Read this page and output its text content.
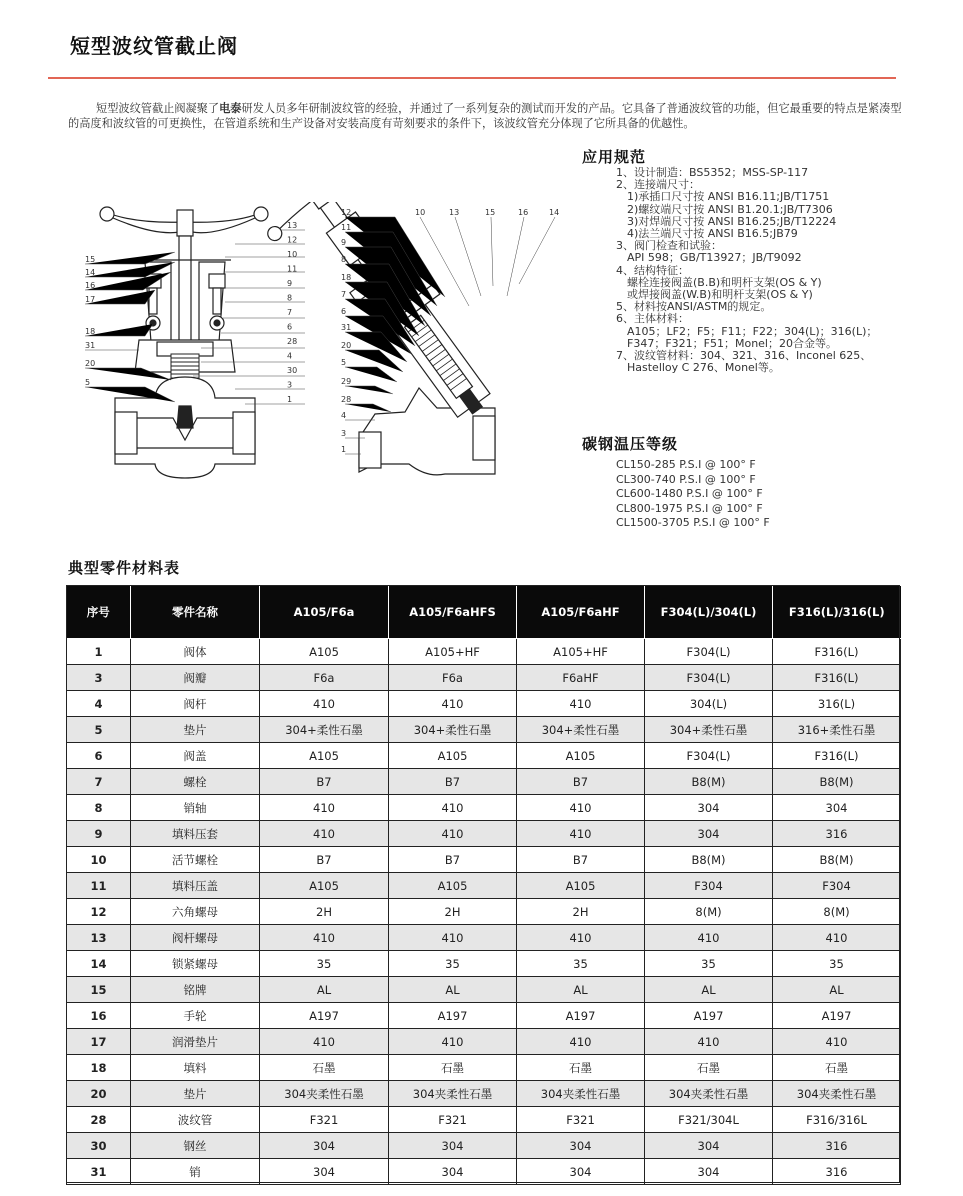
短型波纹管截止阀
短型波纹管截止阀凝聚了电泰研发人员多年研制波纹管的经验，并通过了一系列复杂的测试而开发的产品。它具备了普通波纹管的功能，但它最重要的特点是紧凑型的高度和波纹管的可更换性，在管道系统和生产设备对安装高度有苛刻要求的条件下，该波纹管充分体现了它所具备的优越性。
应用规范
1、设计制造：BS5352；MSS-SP-117
2、连接端尺寸：
　1)承插口尺寸按 ANSI B16.11;JB/T1751
　2)螺纹端尺寸按 ANSI B1.20.1;JB/T7306
　3)对焊端尺寸按 ANSI B16.25;JB/T12224
　4)法兰端尺寸按 ANSI B16.5;JB79
3、阀门检查和试验：
　API 598；GB/T13927；JB/T9092
4、结构特征：
　螺栓连接阀盖(B.B)和明杆支架(OS & Y)
　或焊接阀盖(W.B)和明杆支架(OS & Y)
5、材料按ANSI/ASTM的规定。
6、主体材料：
　A105；LF2；F5；F11；F22；304(L)；316(L)；
　F347；F321；F51；Monel；20合金等。
7、波纹管材料：304、321、316、Inconel 625、
　Hastelloy C 276、Monel等。
碳钢温压等级
CL150-285 P.S.I @ 100° F
CL300-740 P.S.I @ 100° F
CL600-1480 P.S.I @ 100° F
CL800-1975 P.S.I @ 100° F
CL1500-3705 P.S.I @ 100° F
15
14
16
17
18
31
20
5
13
12
10
11
9
8
7
6
28
4
30
3
1
12
11
9
8
18
7
6
31
20
5
29
28
4
3
1
10	13	15	16	14
典型零件材料表
序号	零件名称	A105/F6a	A105/F6aHFS	A105/F6aHF	F304(L)/304(L)	F316(L)/316(L)
1	阀体	A105	A105+HF	A105+HF	F304(L)	F316(L)
3	阀瓣	F6a	F6a	F6aHF	F304(L)	F316(L)
4	阀杆	410	410	410	304(L)	316(L)
5	垫片	304+柔性石墨	304+柔性石墨	304+柔性石墨	304+柔性石墨	316+柔性石墨
6	阀盖	A105	A105	A105	F304(L)	F316(L)
7	螺栓	B7	B7	B7	B8(M)	B8(M)
8	销轴	410	410	410	304	304
9	填料压套	410	410	410	304	316
10	活节螺栓	B7	B7	B7	B8(M)	B8(M)
11	填料压盖	A105	A105	A105	F304	F304
12	六角螺母	2H	2H	2H	8(M)	8(M)
13	阀杆螺母	410	410	410	410	410
14	锁紧螺母	35	35	35	35	35
15	铭牌	AL	AL	AL	AL	AL
16	手轮	A197	A197	A197	A197	A197
17	润滑垫片	410	410	410	410	410
18	填料	石墨	石墨	石墨	石墨	石墨
20	垫片	304夹柔性石墨	304夹柔性石墨	304夹柔性石墨	304夹柔性石墨	304夹柔性石墨
28	波纹管	F321	F321	F321	F321/304L	F316/316L
30	钢丝	304	304	304	304	316
31	销	304	304	304	304	316
